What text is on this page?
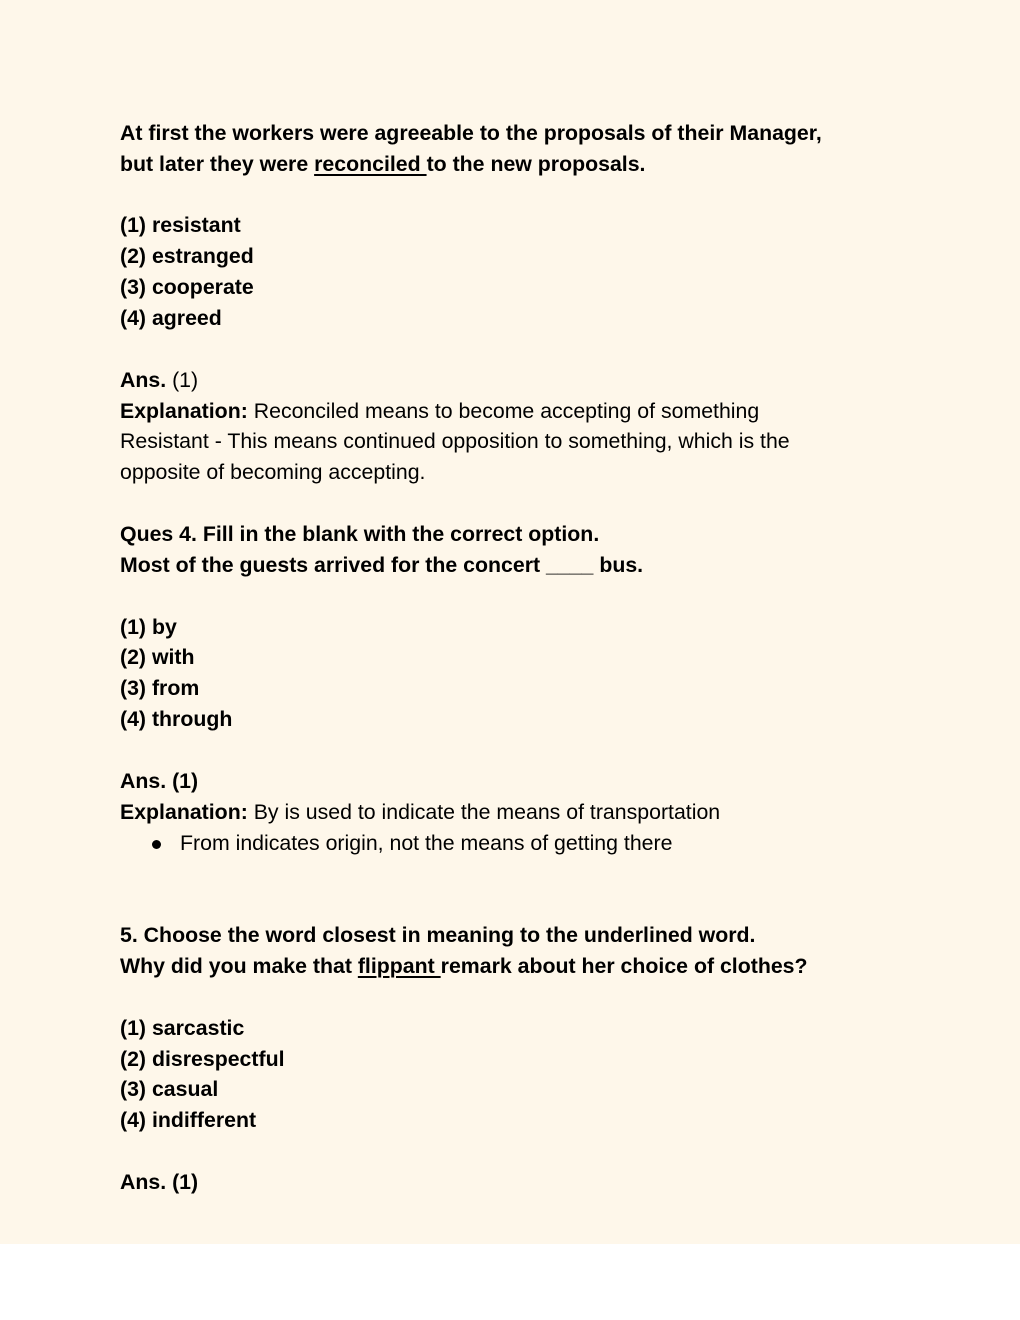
At first the workers were agreeable to the proposals of their Manager,
but later they were reconciled to the new proposals.
(1) resistant
(2) estranged
(3) cooperate
(4) agreed
Ans. (1)
Explanation: Reconciled means to become accepting of something
Resistant - This means continued opposition to something, which is the
opposite of becoming accepting.
Ques 4. Fill in the blank with the correct option.
Most of the guests arrived for the concert ____ bus.
(1) by
(2) with
(3) from
(4) through
Ans. (1)
Explanation: By is used to indicate the means of transportation
From indicates origin, not the means of getting there
5. Choose the word closest in meaning to the underlined word.
Why did you make that flippant remark about her choice of clothes?
(1) sarcastic
(2) disrespectful
(3) casual
(4) indifferent
Ans. (1)
